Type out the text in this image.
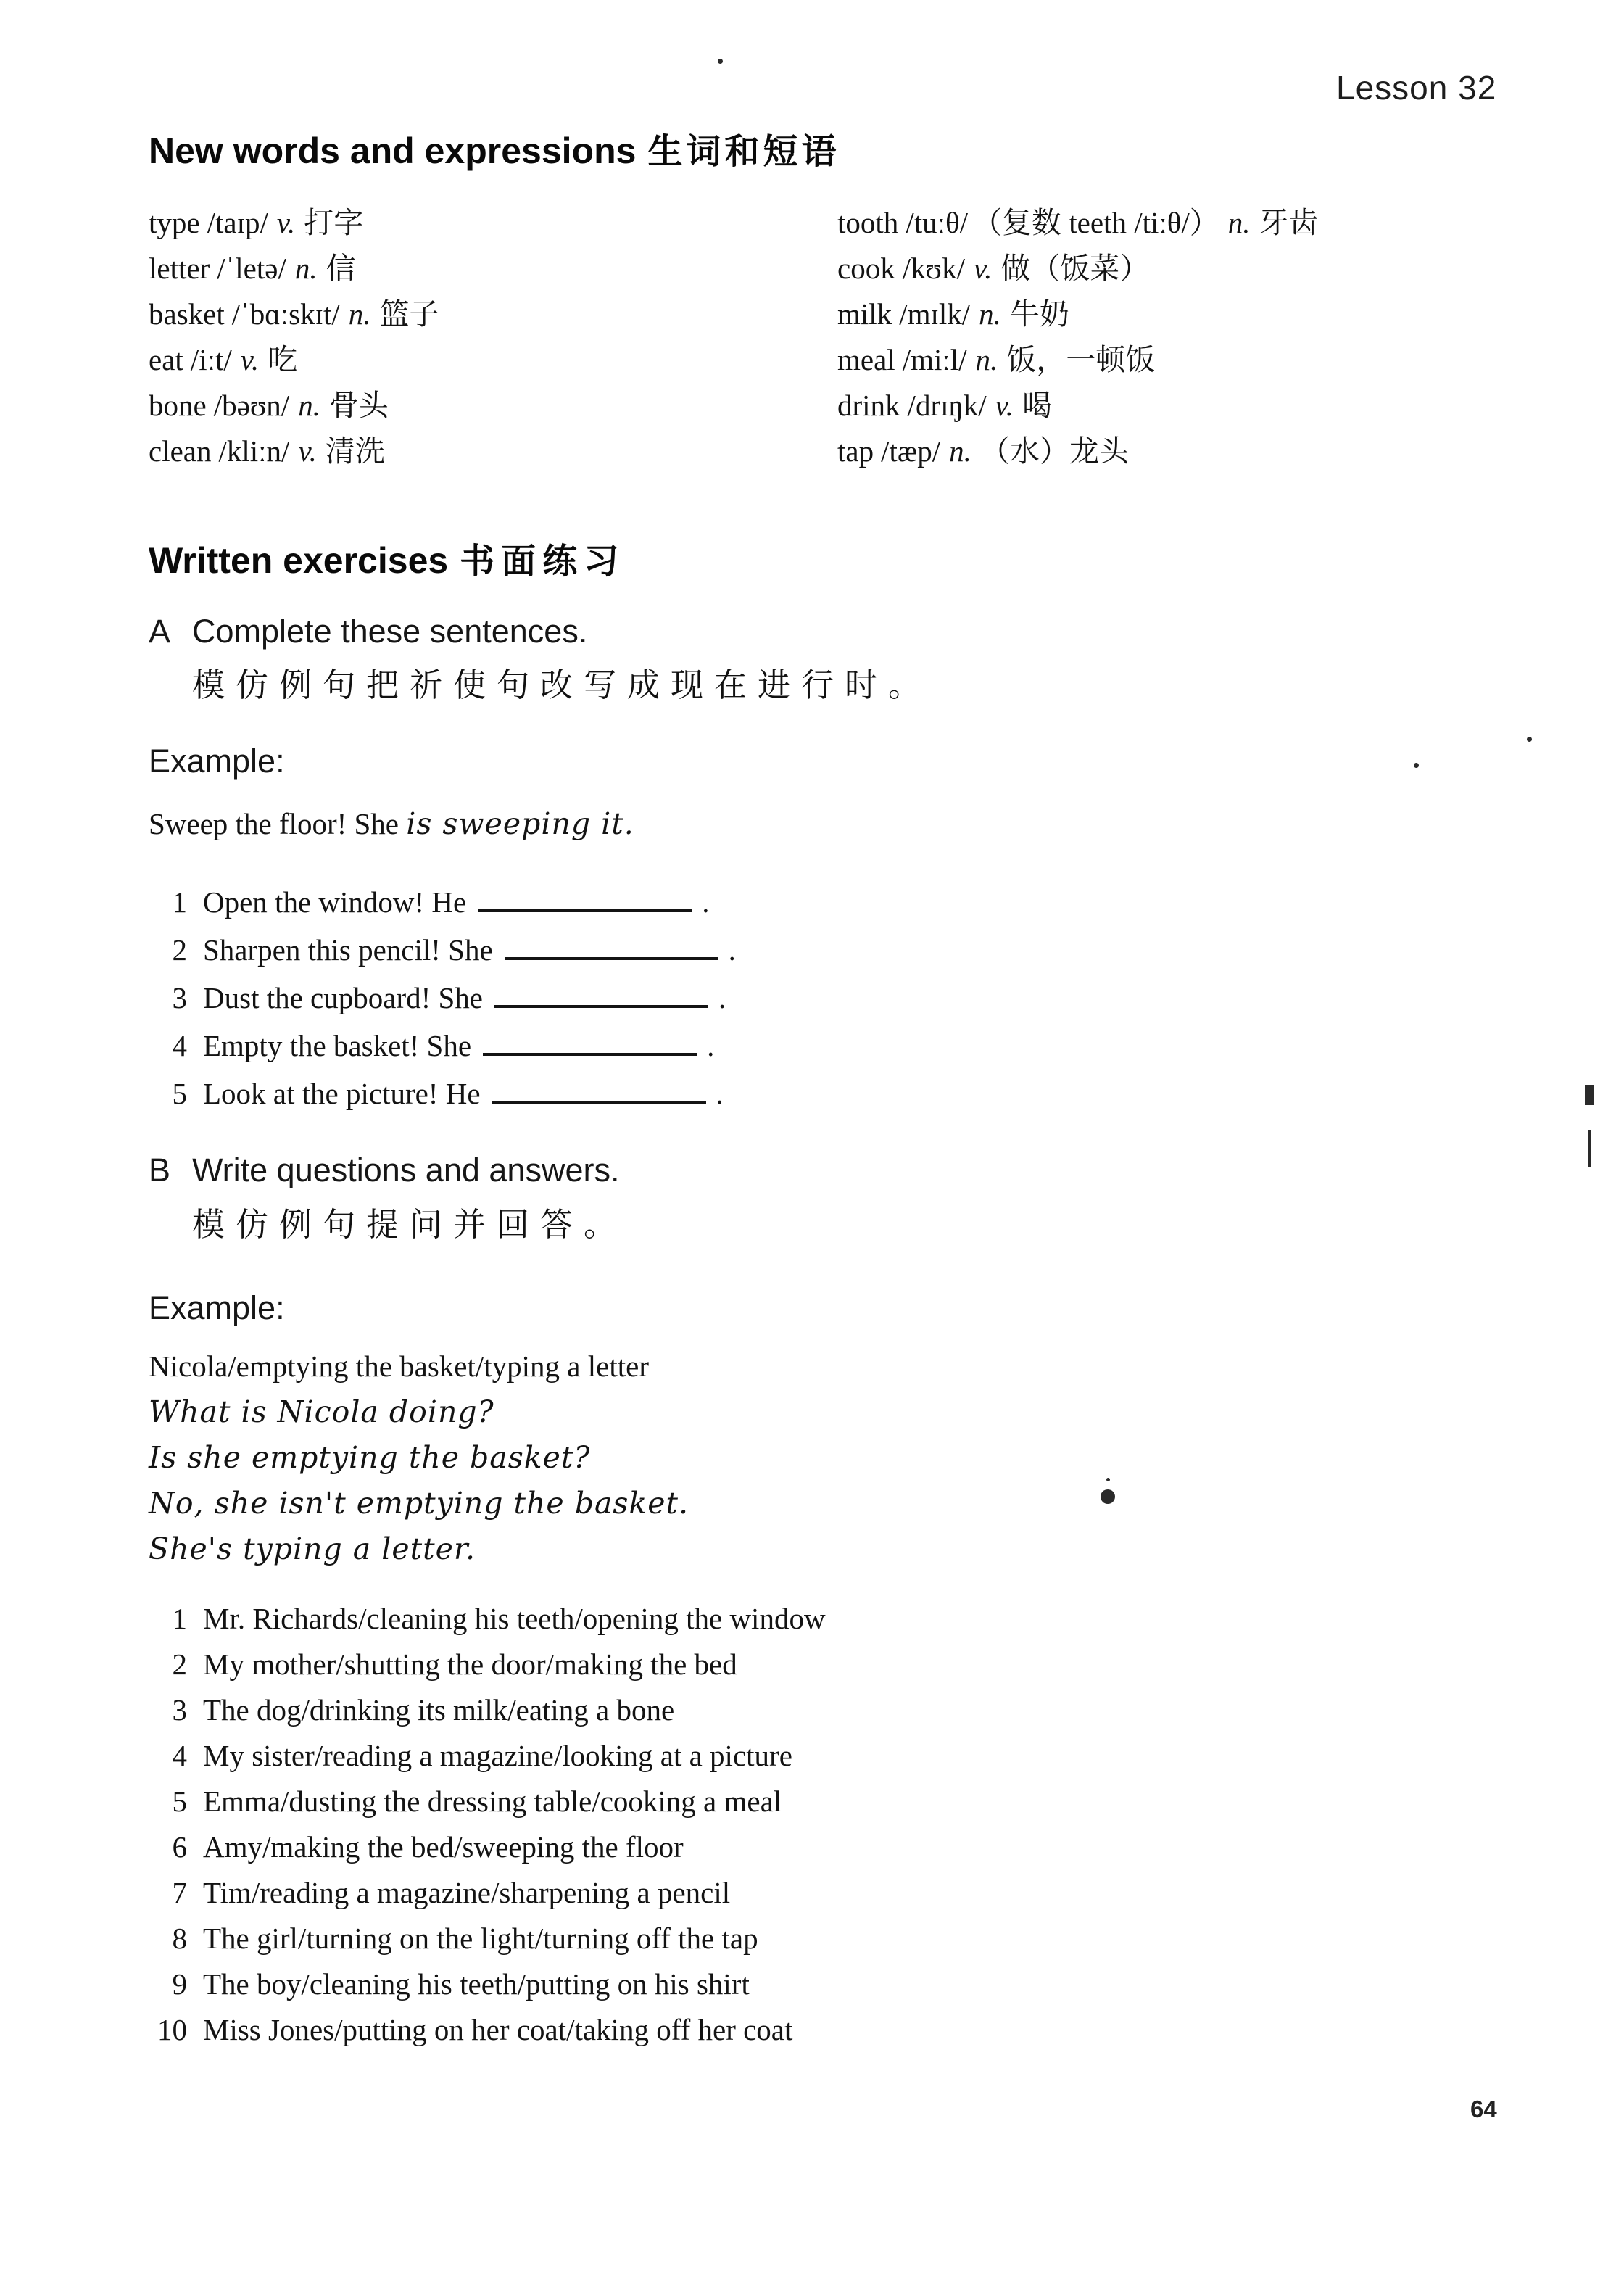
Lesson 32
New words and expressions 生词和短语
type /taɪp/ v. 打字
letter /ˈletə/ n. 信
basket /ˈbɑːskɪt/ n. 篮子
eat /iːt/ v. 吃
bone /bəʊn/ n. 骨头
clean /kliːn/ v. 清洗
tooth /tuːθ/ （复数 teeth /tiːθ/） n. 牙齿
cook /kʊk/ v. 做（饭菜）
milk /mɪlk/ n. 牛奶
meal /miːl/ n. 饭，一顿饭
drink /drɪŋk/ v. 喝
tap /tæp/ n. （水）龙头
Written exercises 书面练习
A Complete these sentences.
模仿例句把祈使句改写成现在进行时。
Example:
Sweep the floor! She is sweeping it.
1 Open the window! He	.
2 Sharpen this pencil! She	.
3 Dust the cupboard! She	.
4 Empty the basket! She	.
5 Look at the picture! He	.
B Write questions and answers.
模仿例句提问并回答。
Example:
Nicola/emptying the basket/typing a letter
What is Nicola doing?
Is she emptying the basket?
No, she isn't emptying the basket.
She's typing a letter.
1 Mr. Richards/cleaning his teeth/opening the window
2 My mother/shutting the door/making the bed
3 The dog/drinking its milk/eating a bone
4 My sister/reading a magazine/looking at a picture
5 Emma/dusting the dressing table/cooking a meal
6 Amy/making the bed/sweeping the floor
7 Tim/reading a magazine/sharpening a pencil
8 The girl/turning on the light/turning off the tap
9 The boy/cleaning his teeth/putting on his shirt
10 Miss Jones/putting on her coat/taking off her coat
64
